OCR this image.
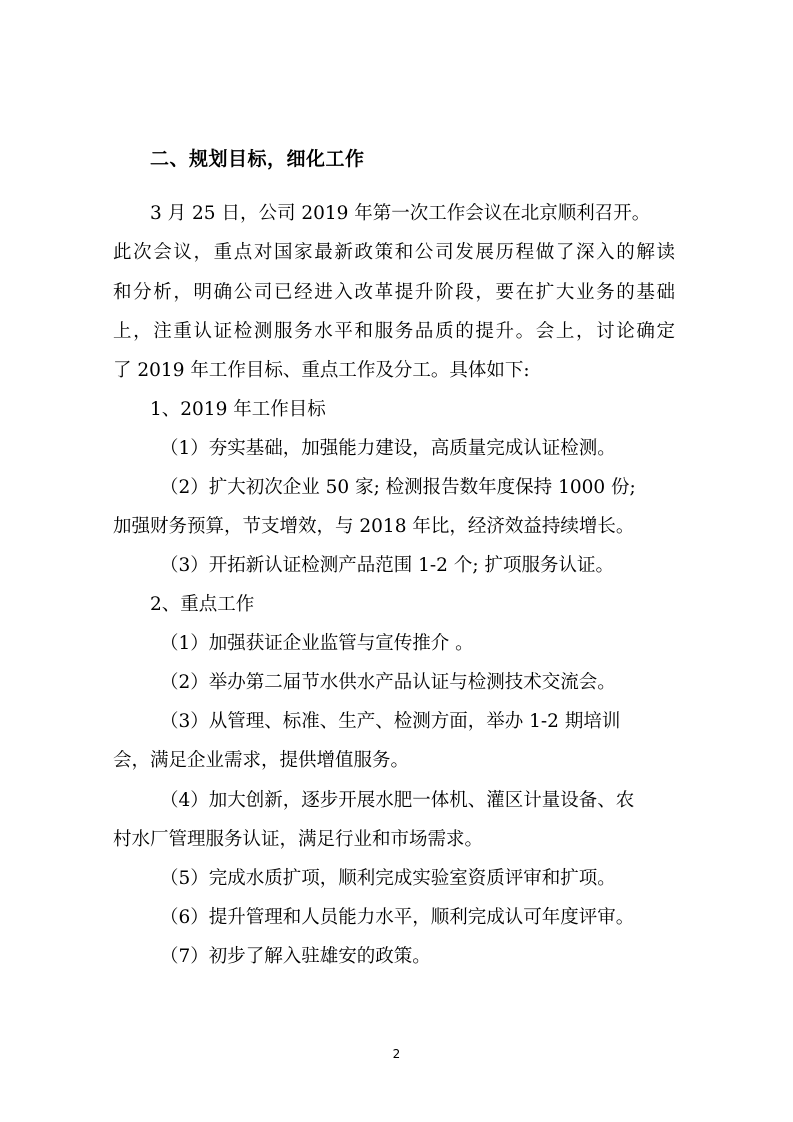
二、规划目标，细化工作
3 月 25 日，公司 2019 年第一次工作会议在北京顺利召开。
此次会议，重点对国家最新政策和公司发展历程做了深入的解读
和分析，明确公司已经进入改革提升阶段，要在扩大业务的基础
上，注重认证检测服务水平和服务品质的提升。会上，讨论确定
了 2019 年工作目标、重点工作及分工。具体如下:
1、2019 年工作目标
（1）夯实基础，加强能力建设，高质量完成认证检测。
（2）扩大初次企业 50 家; 检测报告数年度保持 1000 份;
加强财务预算，节支增效，与 2018 年比，经济效益持续增长。
（3）开拓新认证检测产品范围 1-2 个; 扩项服务认证。
2、重点工作
（1）加强获证企业监管与宣传推介 。
（2）举办第二届节水供水产品认证与检测技术交流会。
（3）从管理、标准、生产、检测方面，举办 1-2 期培训
会，满足企业需求，提供增值服务。
（4）加大创新，逐步开展水肥一体机、灌区计量设备、农
村水厂管理服务认证，满足行业和市场需求。
（5）完成水质扩项，顺利完成实验室资质评审和扩项。
（6）提升管理和人员能力水平，顺利完成认可年度评审。
（7）初步了解入驻雄安的政策。
2
